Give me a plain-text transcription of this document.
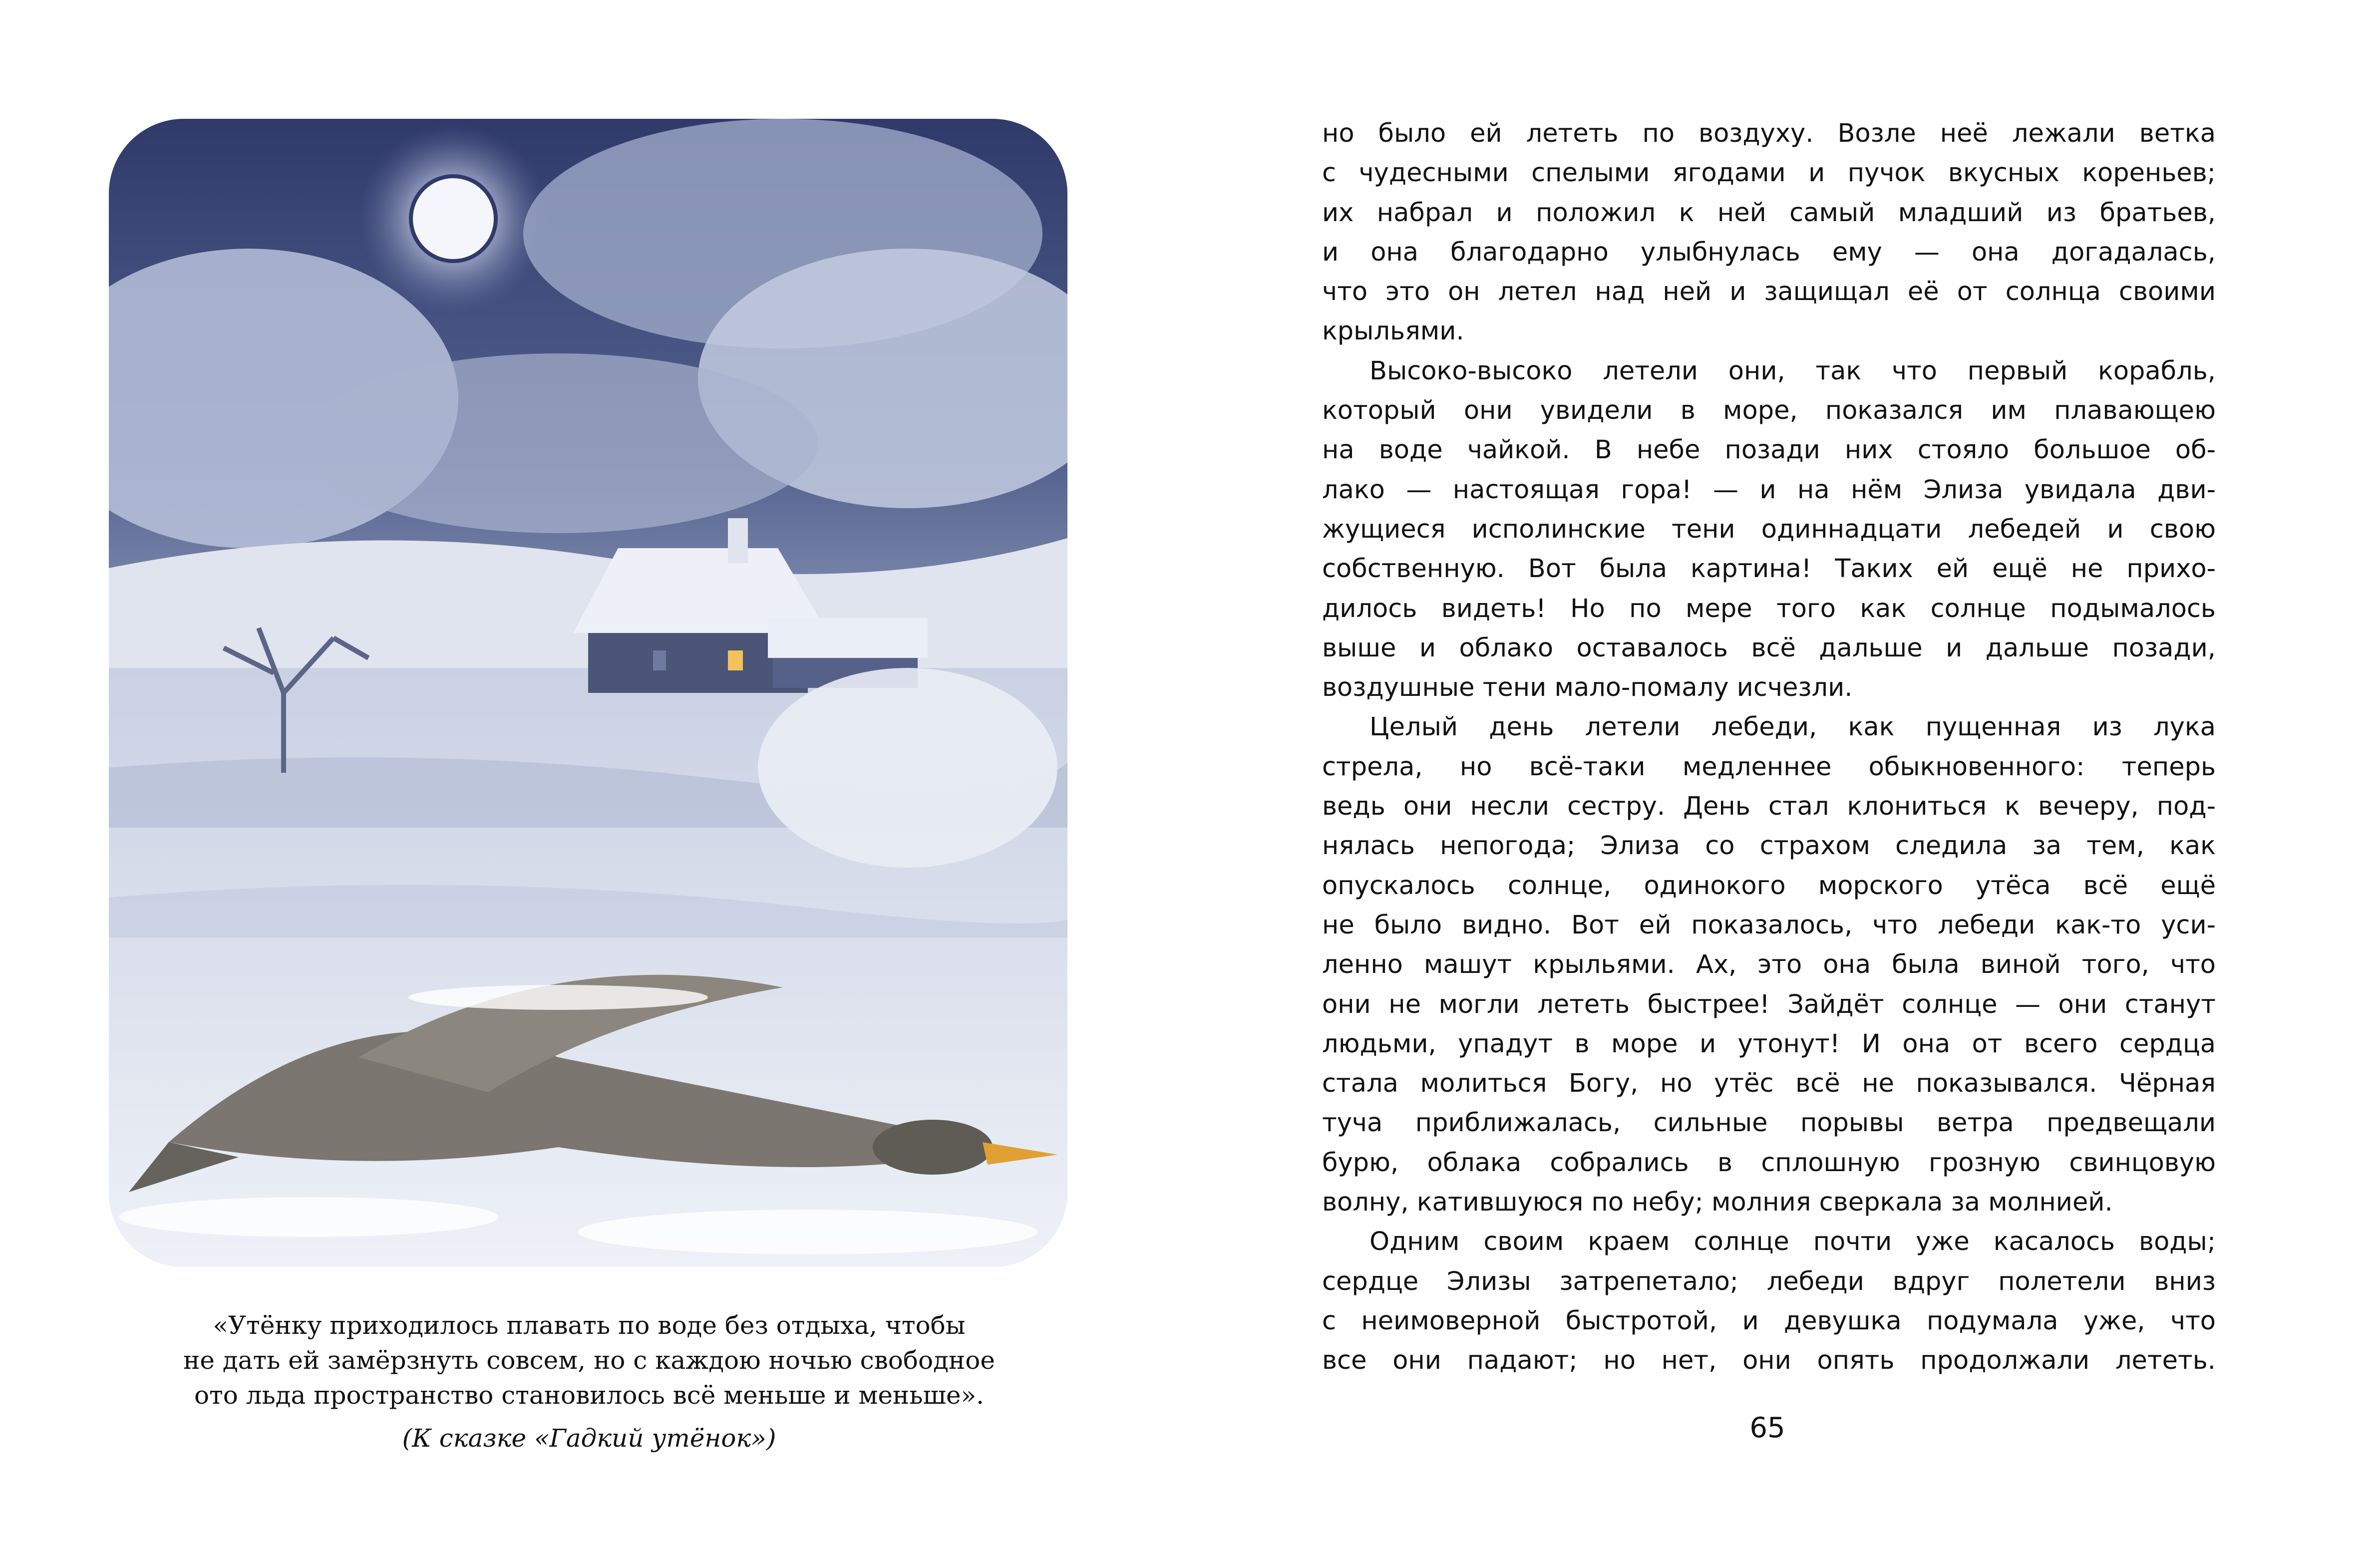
«Утёнку приходилось плавать по воде без отдыха, чтобы
не дать ей замёрзнуть совсем, но с каждою ночью свободное
ото льда пространство становилось всё меньше и меньше».
(К сказке «Гадкий утёнок»)
но было ей лететь по воздуху. Возле неё лежали ветка
с чудесными спелыми ягодами и пучок вкусных кореньев;
их набрал и положил к ней самый младший из братьев,
и она благодарно улыбнулась ему — она догадалась,
что это он летел над ней и защищал её от солнца своими
крыльями.
Высоко-высоко летели они, так что первый корабль,
который они увидели в море, показался им плавающею
на воде чайкой. В небе позади них стояло большое об-
лако — настоящая гора! — и на нём Элиза увидала дви-
жущиеся исполинские тени одиннадцати лебедей и свою
собственную. Вот была картина! Таких ей ещё не прихо-
дилось видеть! Но по мере того как солнце подымалось
выше и облако оставалось всё дальше и дальше позади,
воздушные тени мало-помалу исчезли.
Целый день летели лебеди, как пущенная из лука
стрела, но всё-таки медленнее обыкновенного: теперь
ведь они несли сестру. День стал клониться к вечеру, под-
нялась непогода; Элиза со страхом следила за тем, как
опускалось солнце, одинокого морского утёса всё ещё
не было видно. Вот ей показалось, что лебеди как-то уси-
ленно машут крыльями. Ах, это она была виной того, что
они не могли лететь быстрее! Зайдёт солнце — они станут
людьми, упадут в море и утонут! И она от всего сердца
стала молиться Богу, но утёс всё не показывался. Чёрная
туча приближалась, сильные порывы ветра предвещали
бурю, облака собрались в сплошную грозную свинцовую
волну, катившуюся по небу; молния сверкала за молнией.
Одним своим краем солнце почти уже касалось воды;
сердце Элизы затрепетало; лебеди вдруг полетели вниз
с неимоверной быстротой, и девушка подумала уже, что
все они падают; но нет, они опять продолжали лететь.
65
